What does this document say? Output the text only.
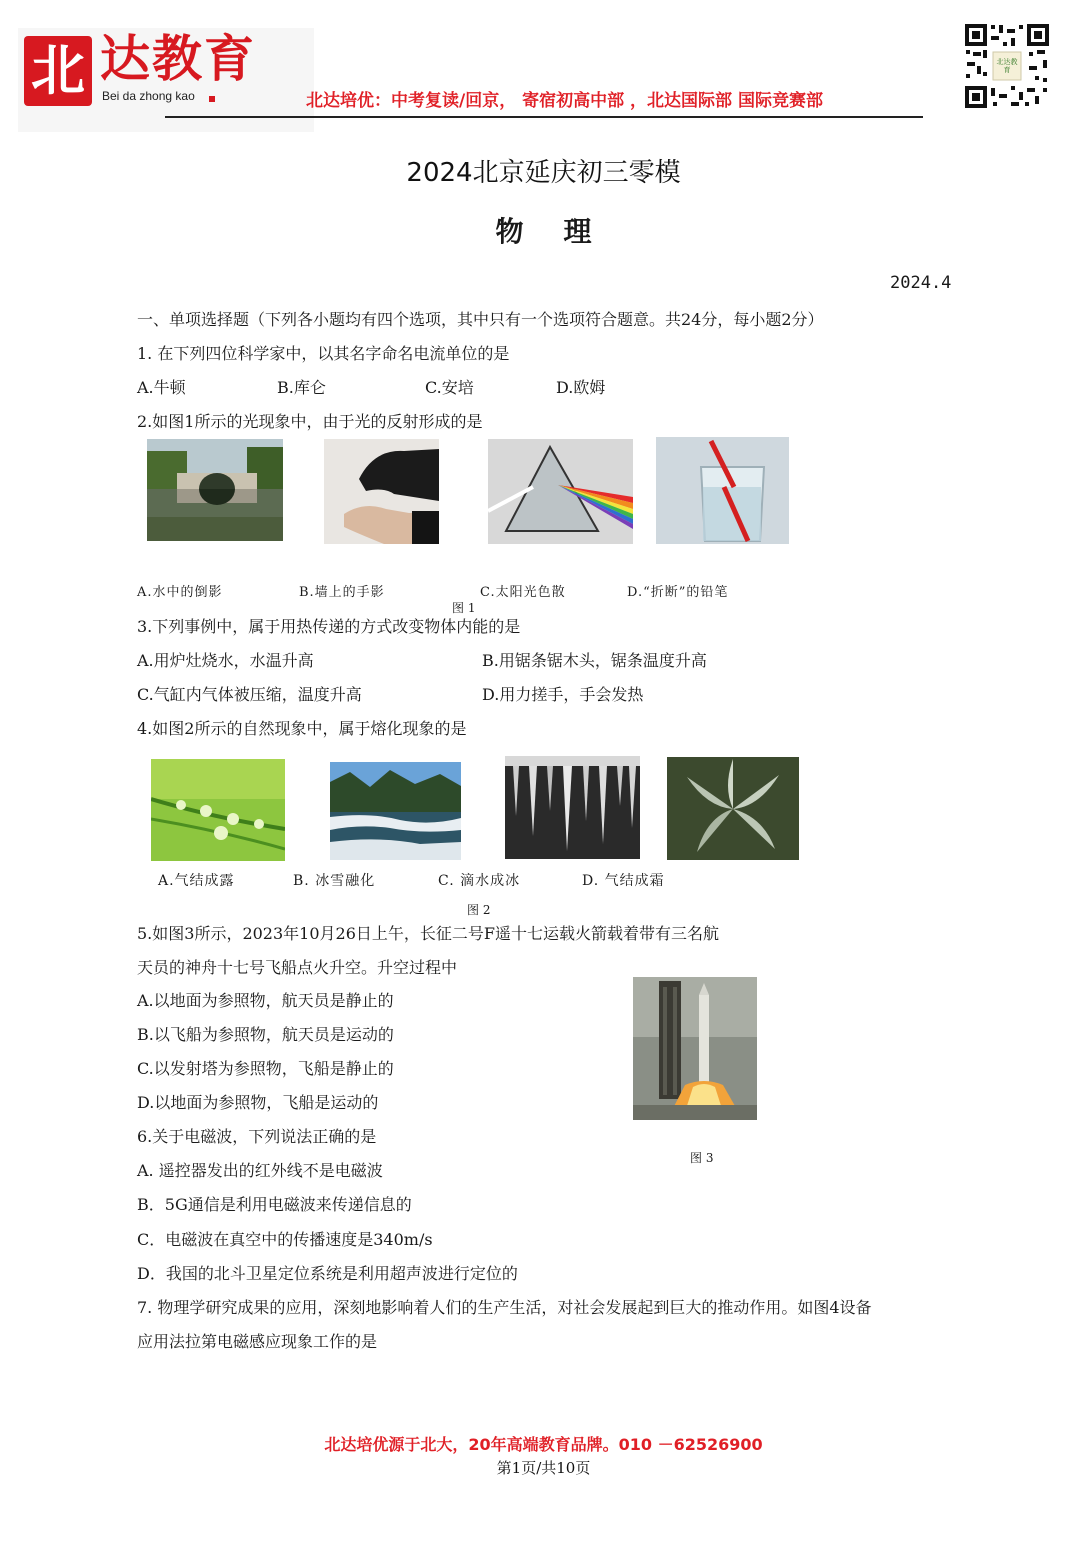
北 达教育
Bei da zhong kao	北达培优：中考复读/回京， 寄宿初高中部 ，北达国际部 国际竞赛部
北达教育
2024北京延庆初三零模
物理
2024.4
一、单项选择题（下列各小题均有四个选项，其中只有一个选项符合题意。共24分，每小题2分）
1. 在下列四位科学家中，以其名字命名电流单位的是
A.牛顿	B.库仑	C.安培	D.欧姆
2.如图1所示的光现象中，由于光的反射形成的是
A.水中的倒影	B.墙上的手影	C.太阳光色散	D.“折断”的铅笔
图 1
3.下列事例中，属于用热传递的方式改变物体内能的是
A.用炉灶烧水，水温升高	B.用锯条锯木头，锯条温度升高
C.气缸内气体被压缩，温度升高	D.用力搓手，手会发热
4.如图2所示的自然现象中，属于熔化现象的是
A.气结成露	B. 冰雪融化	C. 滴水成冰	D. 气结成霜
图 2
5.如图3所示，2023年10月26日上午，长征二号F遥十七运载火箭载着带有三名航
天员的神舟十七号飞船点火升空。升空过程中
A.以地面为参照物，航天员是静止的
B.以飞船为参照物，航天员是运动的
C.以发射塔为参照物，飞船是静止的
D.以地面为参照物，飞船是运动的
图 3
6.关于电磁波，下列说法正确的是
A. 遥控器发出的红外线不是电磁波
B．5G通信是利用电磁波来传递信息的
C．电磁波在真空中的传播速度是340m/s
D．我国的北斗卫星定位系统是利用超声波进行定位的
7. 物理学研究成果的应用，深刻地影响着人们的生产生活，对社会发展起到巨大的推动作用。如图4设备
应用法拉第电磁感应现象工作的是
北达培优源于北大，20年高端教育品牌。010 －62526900
第1页/共10页
